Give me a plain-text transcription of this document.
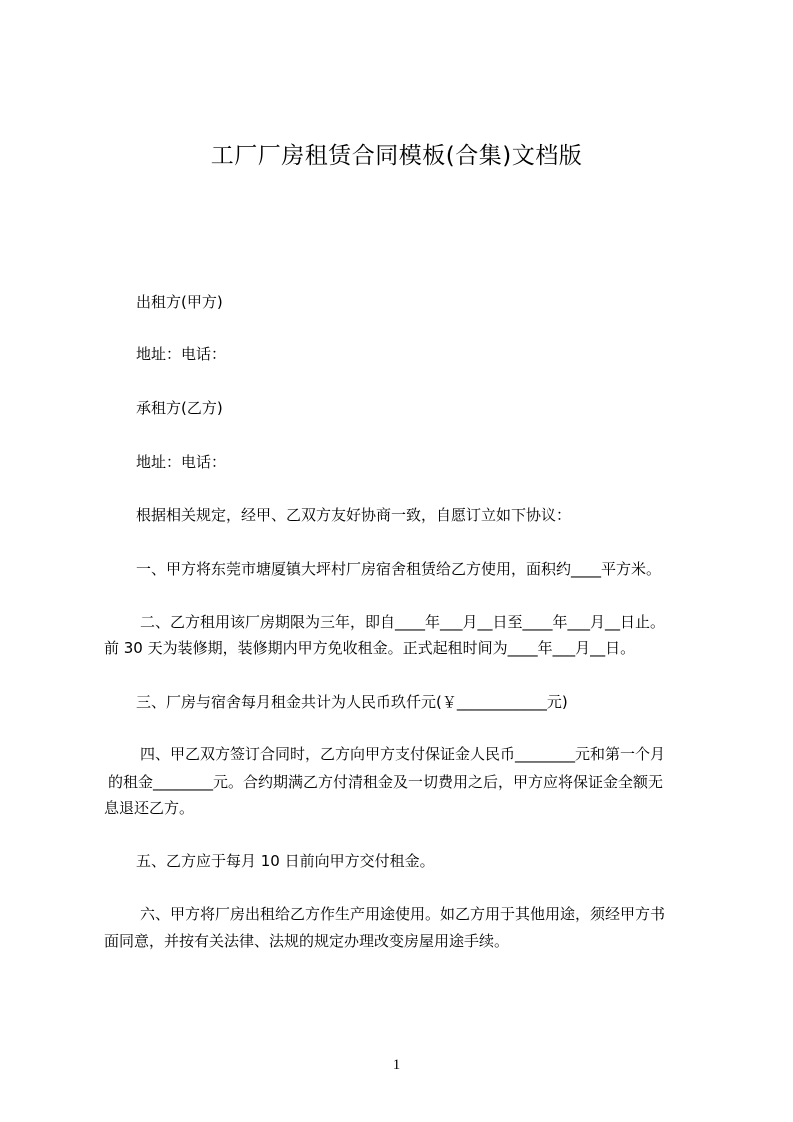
工厂厂房租赁合同模板(合集)文档版
出租方(甲方)
地址：电话：
承租方(乙方)
地址：电话：
根据相关规定，经甲、乙双方友好协商一致，自愿订立如下协议：
一、甲方将东莞市塘厦镇大坪村厂房宿舍租赁给乙方使用，面积约____平方米。
二、乙方租用该厂房期限为三年，即自____年___月__日至____年___月__日止。
前 30 天为装修期，装修期内甲方免收租金。正式起租时间为____年___月__日。
三、厂房与宿舍每月租金共计为人民币玖仟元(￥____________元)
四、甲乙双方签订合同时，乙方向甲方支付保证金人民币________元和第一个月
的租金________元。合约期满乙方付清租金及一切费用之后，甲方应将保证金全额无
息退还乙方。
五、乙方应于每月 10 日前向甲方交付租金。
六、甲方将厂房出租给乙方作生产用途使用。如乙方用于其他用途，须经甲方书
面同意，并按有关法律、法规的规定办理改变房屋用途手续。
1
